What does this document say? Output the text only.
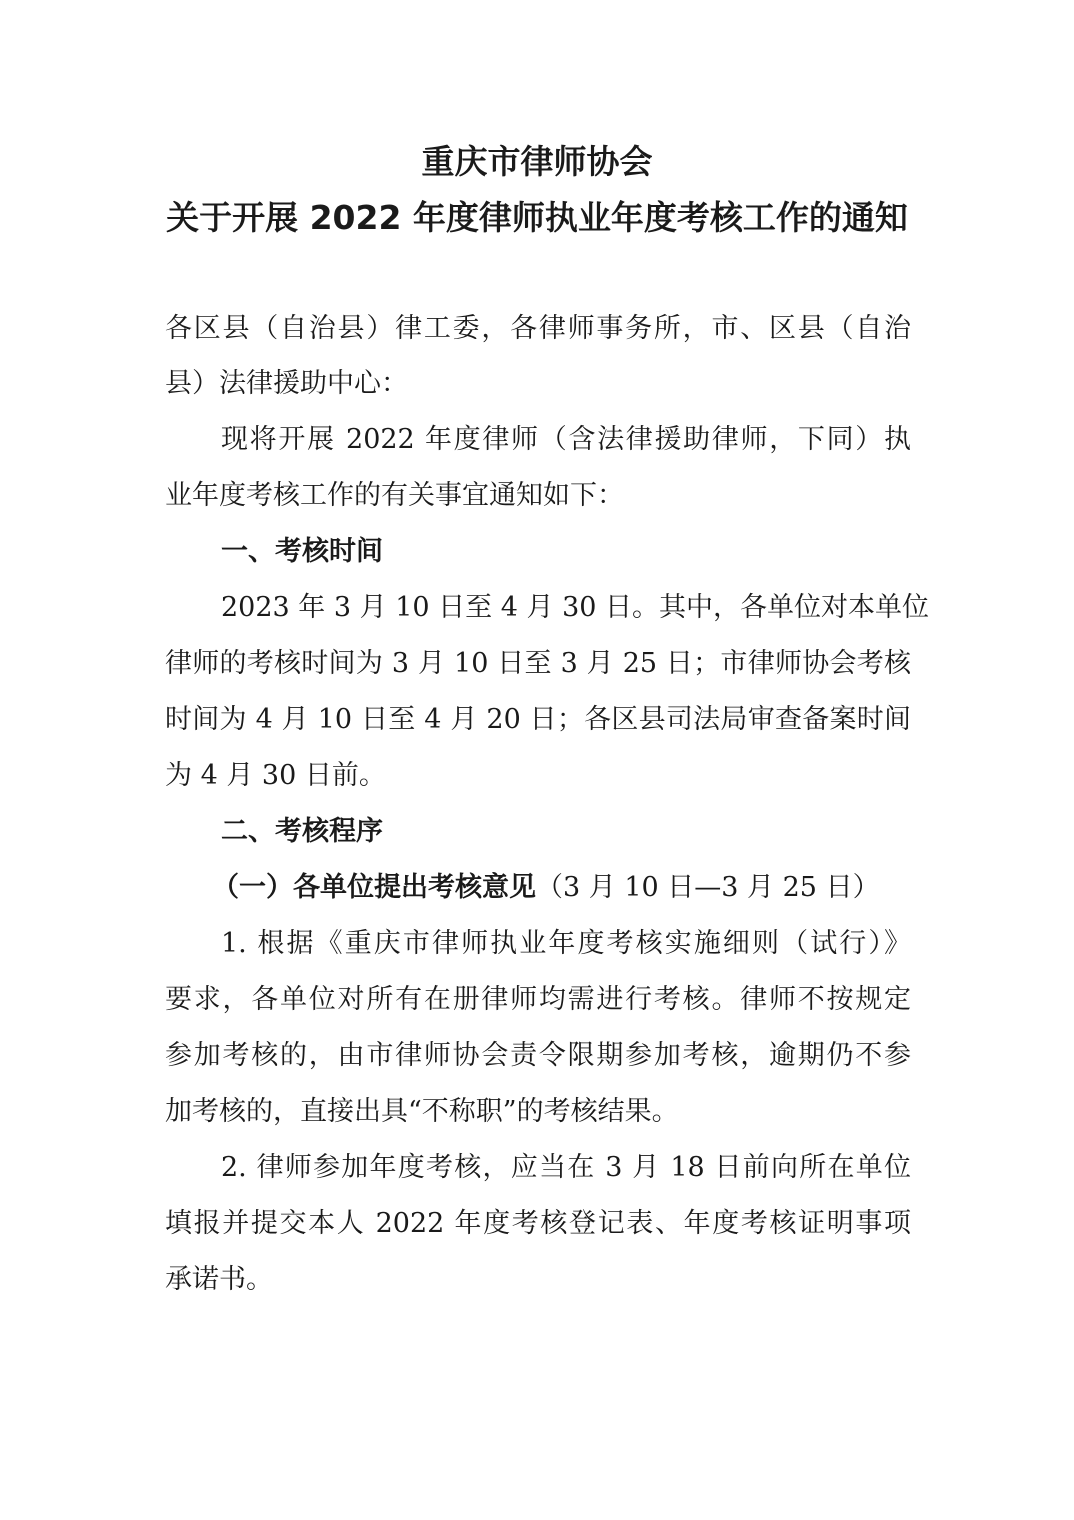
重庆市律师协会
关于开展 2022 年度律师执业年度考核工作的通知
各区县（自治县）律工委，各律师事务所，市、区县（自治
县）法律援助中心：
现将开展 2022 年度律师（含法律援助律师，下同）执
业年度考核工作的有关事宜通知如下：
一、考核时间
2023 年 3 月 10 日至 4 月 30 日。其中，各单位对本单位
律师的考核时间为 3 月 10 日至 3 月 25 日；市律师协会考核
时间为 4 月 10 日至 4 月 20 日；各区县司法局审查备案时间
为 4 月 30 日前。
二、考核程序
（一）各单位提出考核意见（3 月 10 日—3 月 25 日）
1. 根据《重庆市律师执业年度考核实施细则（试行）》
要求，各单位对所有在册律师均需进行考核。律师不按规定
参加考核的，由市律师协会责令限期参加考核，逾期仍不参
加考核的，直接出具“不称职”的考核结果。
2. 律师参加年度考核，应当在 3 月 18 日前向所在单位
填报并提交本人 2022 年度考核登记表、年度考核证明事项
承诺书。
